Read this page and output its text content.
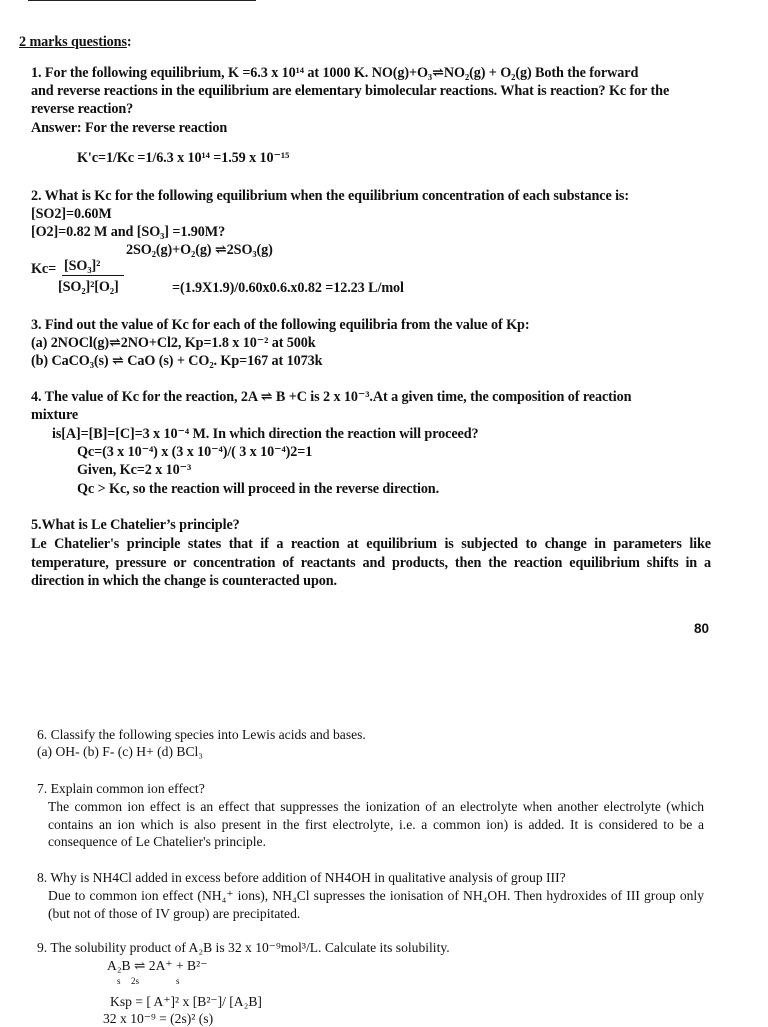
2 marks questions:
1. For the following equilibrium, K =6.3 x 10¹⁴ at 1000 K. NO(g)+O₃⇌NO₂(g) + O₂(g) Both the forward
and reverse reactions in the equilibrium are elementary bimolecular reactions. What is reaction? Kc for the
reverse reaction?
Answer: For the reverse reaction
K'c=1/Kc =1/6.3 x 10¹⁴ =1.59 x 10⁻¹⁵
2. What is Kc for the following equilibrium when the equilibrium concentration of each substance is:
[SO2]=0.60M
[O2]=0.82 M and [SO₃] =1.90M?
2SO₂(g)+O₂(g) ⇌2SO₃(g)
Kc= [SO₃]²
[SO₂]²[O₂]	=(1.9X1.9)/0.60x0.6.x0.82 =12.23 L/mol
3. Find out the value of Kc for each of the following equilibria from the value of Kp:
(a) 2NOCl(g)⇌2NO+Cl2, Kp=1.8 x 10⁻² at 500k
(b) CaCO₃(s) ⇌ CaO (s) + CO₂. Kp=167 at 1073k
4. The value of Kc for the reaction, 2A ⇌ B +C is 2 x 10⁻³.At a given time, the composition of reaction
mixture
is[A]=[B]=[C]=3 x 10⁻⁴ M. In which direction the reaction will proceed?
Qc=(3 x 10⁻⁴) x (3 x 10⁻⁴)/( 3 x 10⁻⁴)2=1
Given, Kc=2 x 10⁻³
Qc > Kc, so the reaction will proceed in the reverse direction.
5.What is Le Chatelier’s principle?
Le Chatelier's principle states that if a reaction at equilibrium is subjected to change in parameters like temperature, pressure or concentration of reactants and products, then the reaction equilibrium shifts in a direction in which the change is counteracted upon.
80
6. Classify the following species into Lewis acids and bases.
(a) OH- (b) F- (c) H+ (d) BCl₃
7. Explain common ion effect?
The common ion effect is an effect that suppresses the ionization of an electrolyte when another electrolyte (which contains an ion which is also present in the first electrolyte, i.e. a common ion) is added. It is considered to be a consequence of Le Chatelier's principle.
8. Why is NH4Cl added in excess before addition of NH4OH in qualitative analysis of group III?
Due to common ion effect (NH₄⁺ ions), NH₄Cl supresses the ionisation of NH₄OH. Then hydroxides of III group only (but not of those of IV group) are precipitated.
9. The solubility product of A₂B is 32 x 10⁻⁹mol³/L. Calculate its solubility.
A₂B ⇌ 2A⁺ + B²⁻
s 2s	s
Ksp = [ A⁺]² x [B²⁻]/ [A₂B]
32 x 10⁻⁹ = (2s)² (s)
